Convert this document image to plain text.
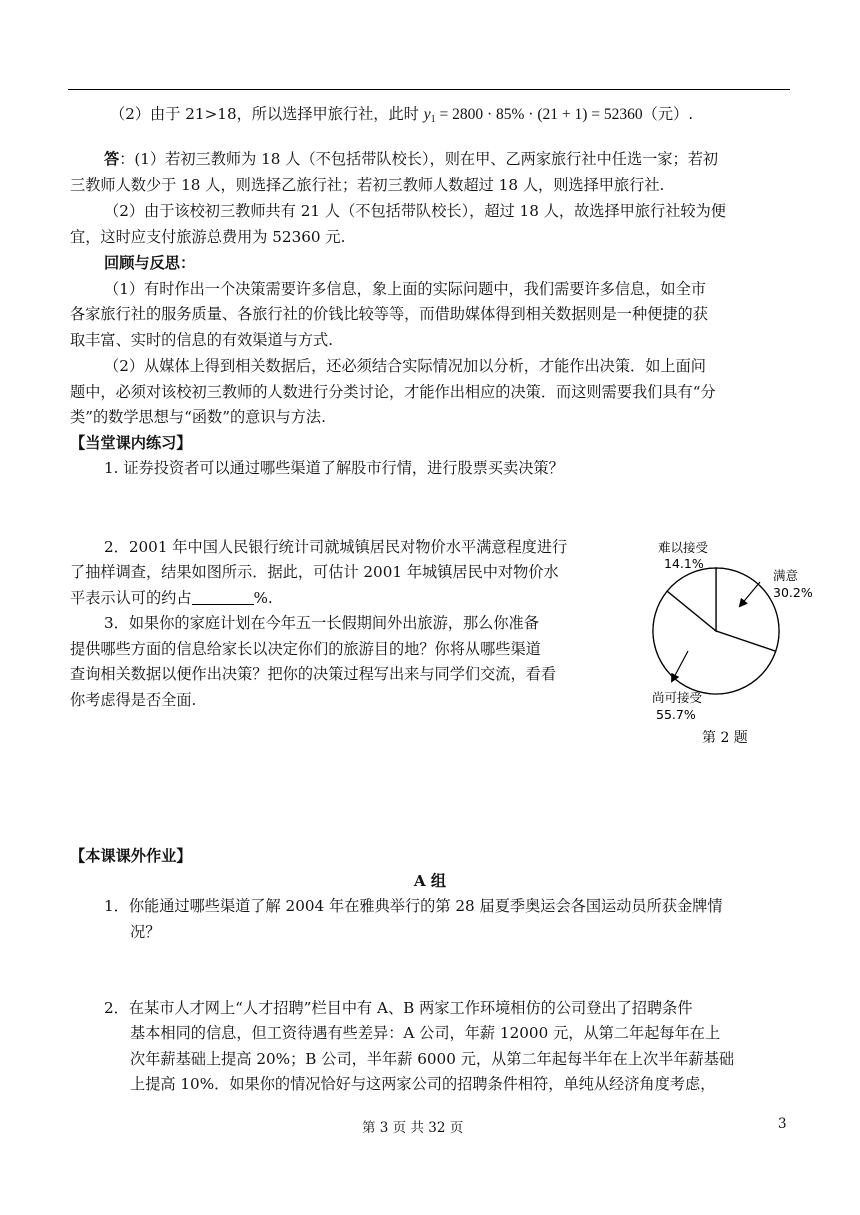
（2）由于 21>18，所以选择甲旅行社，此时 $y_1 = 2800 \cdot 85\% \cdot (21 + 1) = 52360$（元）.
答：(1）若初三教师为 18 人（不包括带队校长），则在甲、乙两家旅行社中任选一家；若初
三教师人数少于 18 人，则选择乙旅行社；若初三教师人数超过 18 人，则选择甲旅行社.
（2）由于该校初三教师共有 21 人（不包括带队校长），超过 18 人，故选择甲旅行社较为便
宜，这时应支付旅游总费用为 52360 元.
回顾与反思：
（1）有时作出一个决策需要许多信息，象上面的实际问题中，我们需要许多信息，如全市
各家旅行社的服务质量、各旅行社的价钱比较等等，而借助媒体得到相关数据则是一种便捷的获
取丰富、实时的信息的有效渠道与方式.
（2）从媒体上得到相关数据后，还必须结合实际情况加以分析，才能作出决策．如上面问
题中，必须对该校初三教师的人数进行分类讨论，才能作出相应的决策．而这则需要我们具有“分
类”的数学思想与“函数”的意识与方法.
【当堂课内练习】
1. 证券投资者可以通过哪些渠道了解股市行情，进行股票买卖决策？
2．2001 年中国人民银行统计司就城镇居民对物价水平满意程度进行
了抽样调查，结果如图所示．据此，可估计 2001 年城镇居民中对物价水
平表示认可的约占	%.
3．如果你的家庭计划在今年五一长假期间外出旅游，那么你准备
提供哪些方面的信息给家长以决定你们的旅游目的地？你将从哪些渠道
查询相关数据以便作出决策？把你的决策过程写出来与同学们交流，看看
你考虑得是否全面.
满意
30.2%
尚可接受
55.7%
难以接受
14.1%
第 2 题
【本课课外作业】
A 组
1．你能通过哪些渠道了解 2004 年在雅典举行的第 28 届夏季奥运会各国运动员所获金牌情
况？
2．在某市人才网上“人才招聘”栏目中有 A、B 两家工作环境相仿的公司登出了招聘条件
基本相同的信息，但工资待遇有些差异：A 公司，年薪 12000 元，从第二年起每年在上
次年薪基础上提高 20%；B 公司，半年薪 6000 元，从第二年起每半年在上次半年薪基础
上提高 10%．如果你的情况恰好与这两家公司的招聘条件相符，单纯从经济角度考虑，
第 3 页 共 32 页	3
